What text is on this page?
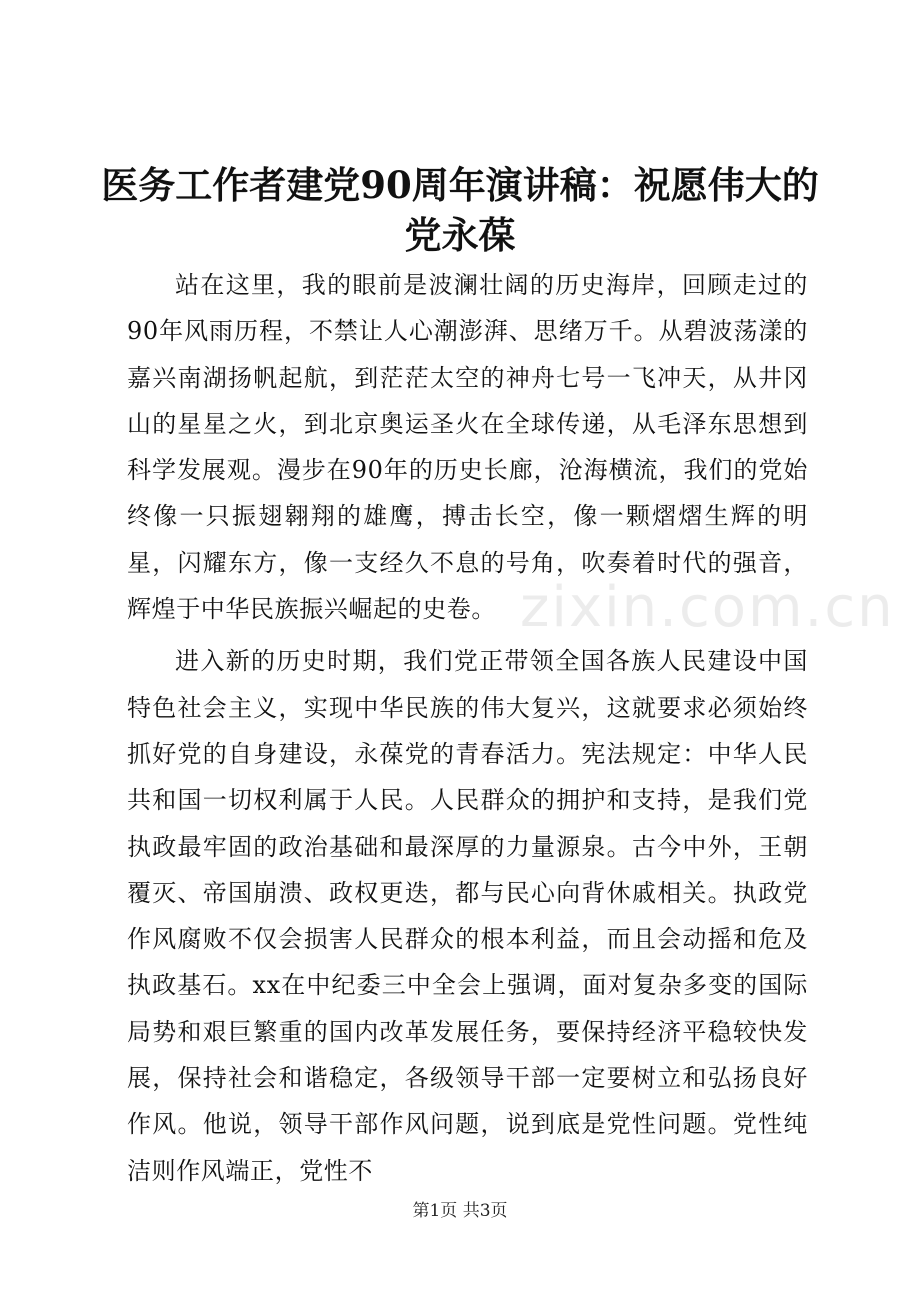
医务工作者建党90周年演讲稿：祝愿伟大的党永葆

站在这里，我的眼前是波澜壮阔的历史海岸，回顾走过的90年风雨历程，不禁让人心潮澎湃、思绪万千。从碧波荡漾的嘉兴南湖扬帆起航，到茫茫太空的神舟七号一飞冲天，从井冈山的星星之火，到北京奥运圣火在全球传递，从毛泽东思想到科学发展观。漫步在90年的历史长廊，沧海横流，我们的党始终像一只振翅翱翔的雄鹰，搏击长空，像一颗熠熠生辉的明星，闪耀东方，像一支经久不息的号角，吹奏着时代的强音，辉煌于中华民族振兴崛起的史卷。

进入新的历史时期，我们党正带领全国各族人民建设中国特色社会主义，实现中华民族的伟大复兴，这就要求必须始终抓好党的自身建设，永葆党的青春活力。宪法规定：中华人民共和国一切权利属于人民。人民群众的拥护和支持，是我们党执政最牢固的政治基础和最深厚的力量源泉。古今中外，王朝覆灭、帝国崩溃、政权更迭，都与民心向背休戚相关。执政党作风腐败不仅会损害人民群众的根本利益，而且会动摇和危及执政基石。xx在中纪委三中全会上强调，面对复杂多变的国际局势和艰巨繁重的国内改革发展任务，要保持经济平稳较快发展，保持社会和谐稳定，各级领导干部一定要树立和弘扬良好作风。他说，领导干部作风问题，说到底是党性问题。党性纯洁则作风端正，党性不

zixin.com.cn
第1页 共3页
